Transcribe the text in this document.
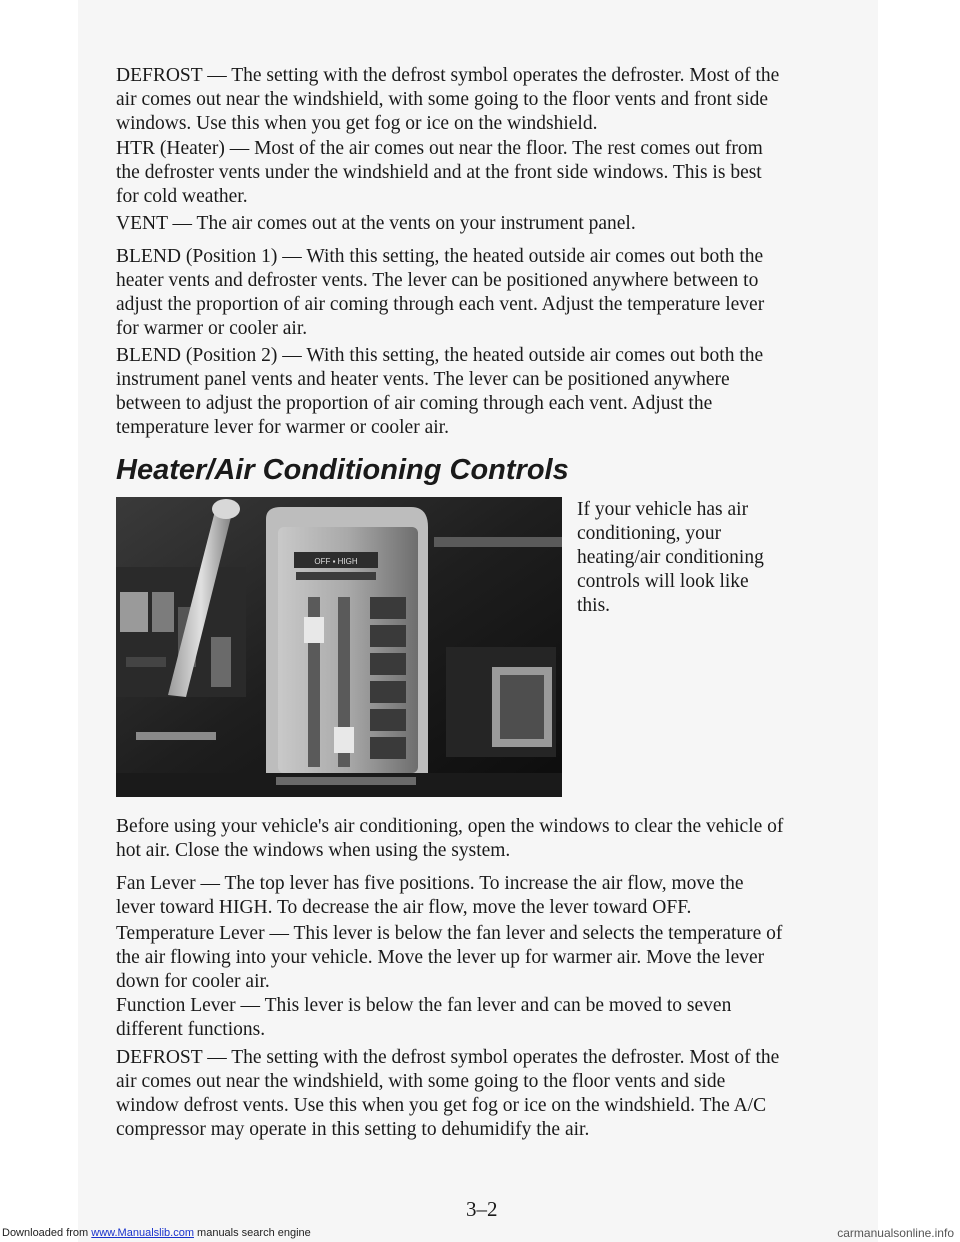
DEFROST — The setting with the defrost symbol operates the defroster. Most of the air comes out near the windshield, with some going to the floor vents and front side windows. Use this when you get fog or ice on the windshield.

HTR (Heater) — Most of the air comes out near the floor. The rest comes out from the defroster vents under the windshield and at the front side windows. This is best for cold weather.

VENT — The air comes out at the vents on your instrument panel.

BLEND (Position 1) — With this setting, the heated outside air comes out both the heater vents and defroster vents. The lever can be positioned anywhere between to adjust the proportion of air coming through each vent. Adjust the temperature lever for warmer or cooler air.

BLEND (Position 2) — With this setting, the heated outside air comes out both the instrument panel vents and heater vents. The lever can be positioned anywhere between to adjust the proportion of air coming through each vent. Adjust the temperature lever for warmer or cooler air.

Heater/Air Conditioning Controls
OFF ▪ HIGH

If your vehicle has air conditioning, your heating/air conditioning controls will look like this.

Before using your vehicle's air conditioning, open the windows to clear the vehicle of hot air. Close the windows when using the system.

Fan Lever — The top lever has five positions. To increase the air flow, move the lever toward HIGH. To decrease the air flow, move the lever toward OFF.

Temperature Lever — This lever is below the fan lever and selects the temperature of the air flowing into your vehicle. Move the lever up for warmer air. Move the lever down for cooler air.

Function Lever — This lever is below the fan lever and can be moved to seven different functions.

DEFROST — The setting with the defrost symbol operates the defroster. Most of the air comes out near the windshield, with some going to the floor vents and side window defrost vents. Use this when you get fog or ice on the windshield. The A/C compressor may operate in this setting to dehumidify the air.

3–2

Downloaded from www.Manualslib.com manuals search engine	carmanualsonline.info
